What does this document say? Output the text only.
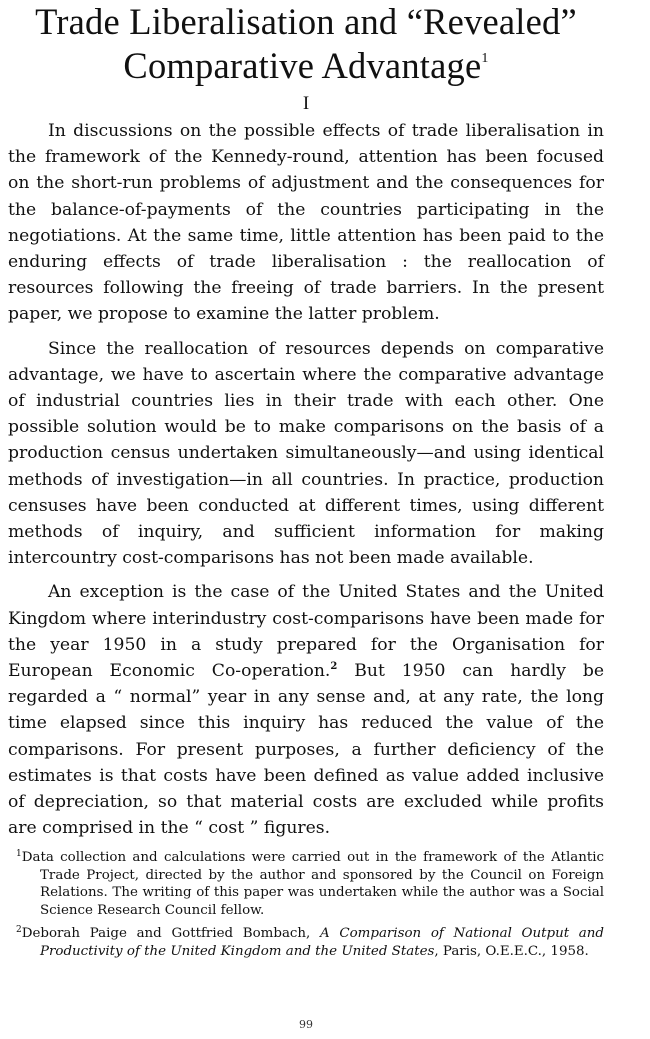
Trade Liberalisation and “Revealed”
Comparative Advantage$^1$
I

In discussions on the possible effects of trade liberalisation in the framework of the Kennedy-round, attention has been focused on the short-run problems of adjustment and the consequences for the balance-of-payments of the countries participating in the negotiations. At the same time, little attention has been paid to the enduring effects of trade liberalisation : the reallocation of resources following the freeing of trade barriers. In the present paper, we propose to examine the latter problem.

Since the reallocation of resources depends on comparative advantage, we have to ascertain where the comparative advantage of industrial countries lies in their trade with each other. One possible solution would be to make comparisons on the basis of a production census undertaken simultaneously—and using identical methods of investigation—in all countries. In practice, production censuses have been conducted at different times, using different methods of inquiry, and sufficient information for making intercountry cost-comparisons has not been made available.

An exception is the case of the United States and the United Kingdom where interindustry cost-comparisons have been made for the year 1950 in a study prepared for the Organisation for European Economic Co-operation.$^2$ But 1950 can hardly be regarded a “ normal” year in any sense and, at any rate, the long time elapsed since this inquiry has reduced the value of the comparisons. For present purposes, a further deficiency of the estimates is that costs have been defined as value added inclusive of depreciation, so that material costs are excluded while profits are comprised in the “ cost ” figures.

$^1$Data collection and calculations were carried out in the framework of the Atlantic Trade Project, directed by the author and sponsored by the Council on Foreign Relations. The writing of this paper was undertaken while the author was a Social Science Research Council fellow.

$^2$Deborah Paige and Gottfried Bombach, A Comparison of National Output and Productivity of the United Kingdom and the United States, Paris, O.E.E.C., 1958.

99
